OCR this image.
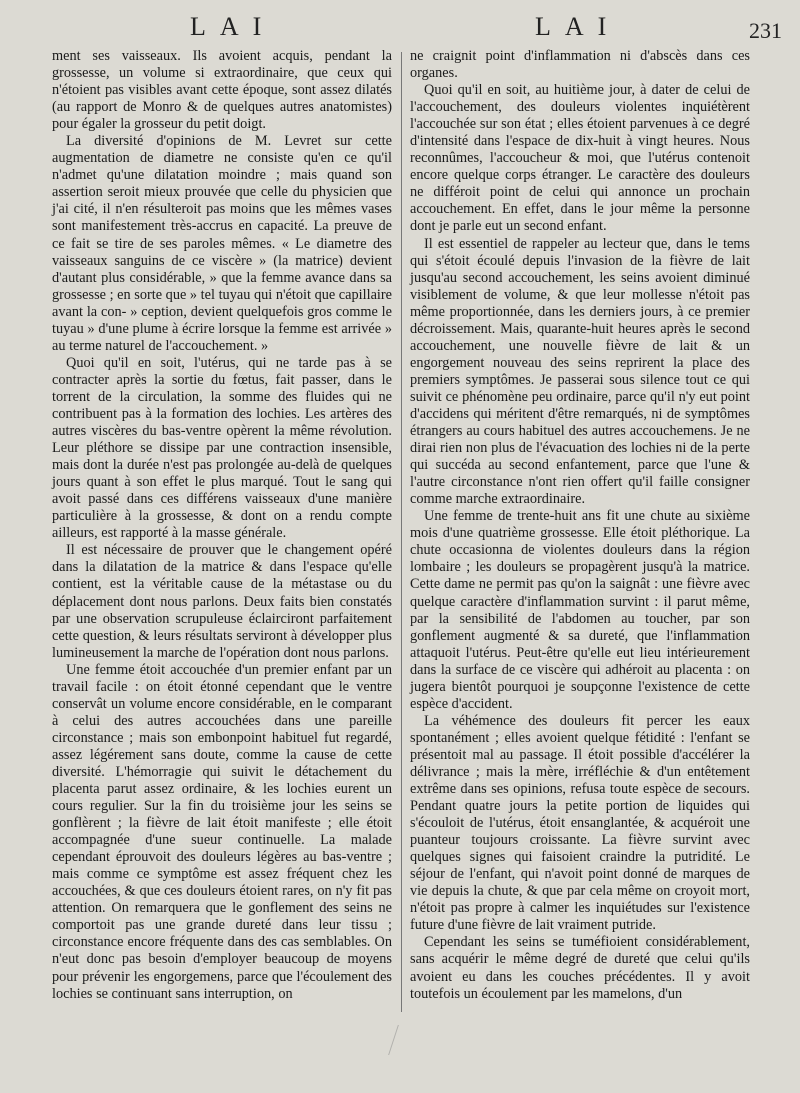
LAI	LAI	231

ment ses vaisseaux. Ils avoient acquis, pendant la grossesse, un volume si extraordinaire, que ceux qui n'étoient pas visibles avant cette époque, sont assez dilatés (au rapport de Monro & de quelques autres anatomistes) pour égaler la grosseur du petit doigt.

La diversité d'opinions de M. Levret sur cette augmentation de diametre ne consiste qu'en ce qu'il n'admet qu'une dilatation moindre ; mais quand son assertion seroit mieux prouvée que celle du physicien que j'ai cité, il n'en résulteroit pas moins que les mêmes vases sont manifestement très-accrus en capacité. La preuve de ce fait se tire de ses paroles mêmes. « Le diametre des vaisseaux sanguins de ce viscère » (la matrice) devient d'autant plus considérable, » que la femme avance dans sa grossesse ; en sorte que » tel tuyau qui n'étoit que capillaire avant la con- » ception, devient quelquefois gros comme le tuyau » d'une plume à écrire lorsque la femme est arrivée » au terme naturel de l'accouchement. »

Quoi qu'il en soit, l'utérus, qui ne tarde pas à se contracter après la sortie du fœtus, fait passer, dans le torrent de la circulation, la somme des fluides qui ne contribuent pas à la formation des lochies. Les artères des autres viscères du bas-ventre opèrent la même révolution. Leur pléthore se dissipe par une contraction insensible, mais dont la durée n'est pas prolongée au-delà de quelques jours quant à son effet le plus marqué. Tout le sang qui avoit passé dans ces différens vaisseaux d'une manière particulière à la grossesse, & dont on a rendu compte ailleurs, est rapporté à la masse générale.

Il est nécessaire de prouver que le changement opéré dans la dilatation de la matrice & dans l'espace qu'elle contient, est la véritable cause de la métastase ou du déplacement dont nous parlons. Deux faits bien constatés par une observation scrupuleuse éclairciront parfaitement cette question, & leurs résultats serviront à développer plus lumineusement la marche de l'opération dont nous parlons.

Une femme étoit accouchée d'un premier enfant par un travail facile : on étoit étonné cependant que le ventre conservât un volume encore considérable, en le comparant à celui des autres accouchées dans une pareille circonstance ; mais son embonpoint habituel fut regardé, assez légérement sans doute, comme la cause de cette diversité. L'hémorragie qui suivit le détachement du placenta parut assez ordinaire, & les lochies eurent un cours regulier. Sur la fin du troisième jour les seins se gonflèrent ; la fièvre de lait étoit manifeste ; elle étoit accompagnée d'une sueur continuelle. La malade cependant éprouvoit des douleurs légères au bas-ventre ; mais comme ce symptôme est assez fréquent chez les accouchées, & que ces douleurs étoient rares, on n'y fit pas attention. On remarquera que le gonflement des seins ne comportoit pas une grande dureté dans leur tissu ; circonstance encore fréquente dans des cas semblables. On n'eut donc pas besoin d'employer beaucoup de moyens pour prévenir les engorgemens, parce que l'écoulement des lochies se continuant sans interruption, on

ne craignit point d'inflammation ni d'abscès dans ces organes.

Quoi qu'il en soit, au huitième jour, à dater de celui de l'accouchement, des douleurs violentes inquiétèrent l'accouchée sur son état ; elles étoient parvenues à ce degré d'intensité dans l'espace de dix-huit à vingt heures. Nous reconnûmes, l'accoucheur & moi, que l'utérus contenoit encore quelque corps étranger. Le caractère des douleurs ne différoit point de celui qui annonce un prochain accouchement. En effet, dans le jour même la personne dont je parle eut un second enfant.

Il est essentiel de rappeler au lecteur que, dans le tems qui s'étoit écoulé depuis l'invasion de la fièvre de lait jusqu'au second accouchement, les seins avoient diminué visiblement de volume, & que leur mollesse n'étoit pas même proportionnée, dans les derniers jours, à ce premier décroissement. Mais, quarante-huit heures après le second accouchement, une nouvelle fièvre de lait & un engorgement nouveau des seins reprirent la place des premiers symptômes. Je passerai sous silence tout ce qui suivit ce phénomène peu ordinaire, parce qu'il n'y eut point d'accidens qui méritent d'être remarqués, ni de symptômes étrangers au cours habituel des autres accouchemens. Je ne dirai rien non plus de l'évacuation des lochies ni de la perte qui succéda au second enfantement, parce que l'une & l'autre circonstance n'ont rien offert qu'il faille consigner comme marche extraordinaire.

Une femme de trente-huit ans fit une chute au sixième mois d'une quatrième grossesse. Elle étoit pléthorique. La chute occasionna de violentes douleurs dans la région lombaire ; les douleurs se propagèrent jusqu'à la matrice. Cette dame ne permit pas qu'on la saignât : une fièvre avec quelque caractère d'inflammation survint : il parut même, par la sensibilité de l'abdomen au toucher, par son gonflement augmenté & sa dureté, que l'inflammation attaquoit l'utérus. Peut-être qu'elle eut lieu intérieurement dans la surface de ce viscère qui adhéroit au placenta : on jugera bientôt pourquoi je soupçonne l'existence de cette espèce d'accident.

La véhémence des douleurs fit percer les eaux spontanément ; elles avoient quelque fétidité : l'enfant se présentoit mal au passage. Il étoit possible d'accélérer la délivrance ; mais la mère, irréfléchie & d'un entêtement extrême dans ses opinions, refusa toute espèce de secours. Pendant quatre jours la petite portion de liquides qui s'écouloit de l'utérus, étoit ensanglantée, & acquéroit une puanteur toujours croissante. La fièvre survint avec quelques signes qui faisoient craindre la putridité. Le séjour de l'enfant, qui n'avoit point donné de marques de vie depuis la chute, & que par cela même on croyoit mort, n'étoit pas propre à calmer les inquiétudes sur l'existence future d'une fièvre de lait vraiment putride.

Cependant les seins se tuméfioient considérablement, sans acquérir le même degré de dureté que celui qu'ils avoient eu dans les couches précédentes. Il y avoit toutefois un écoulement par les mamelons, d'un
